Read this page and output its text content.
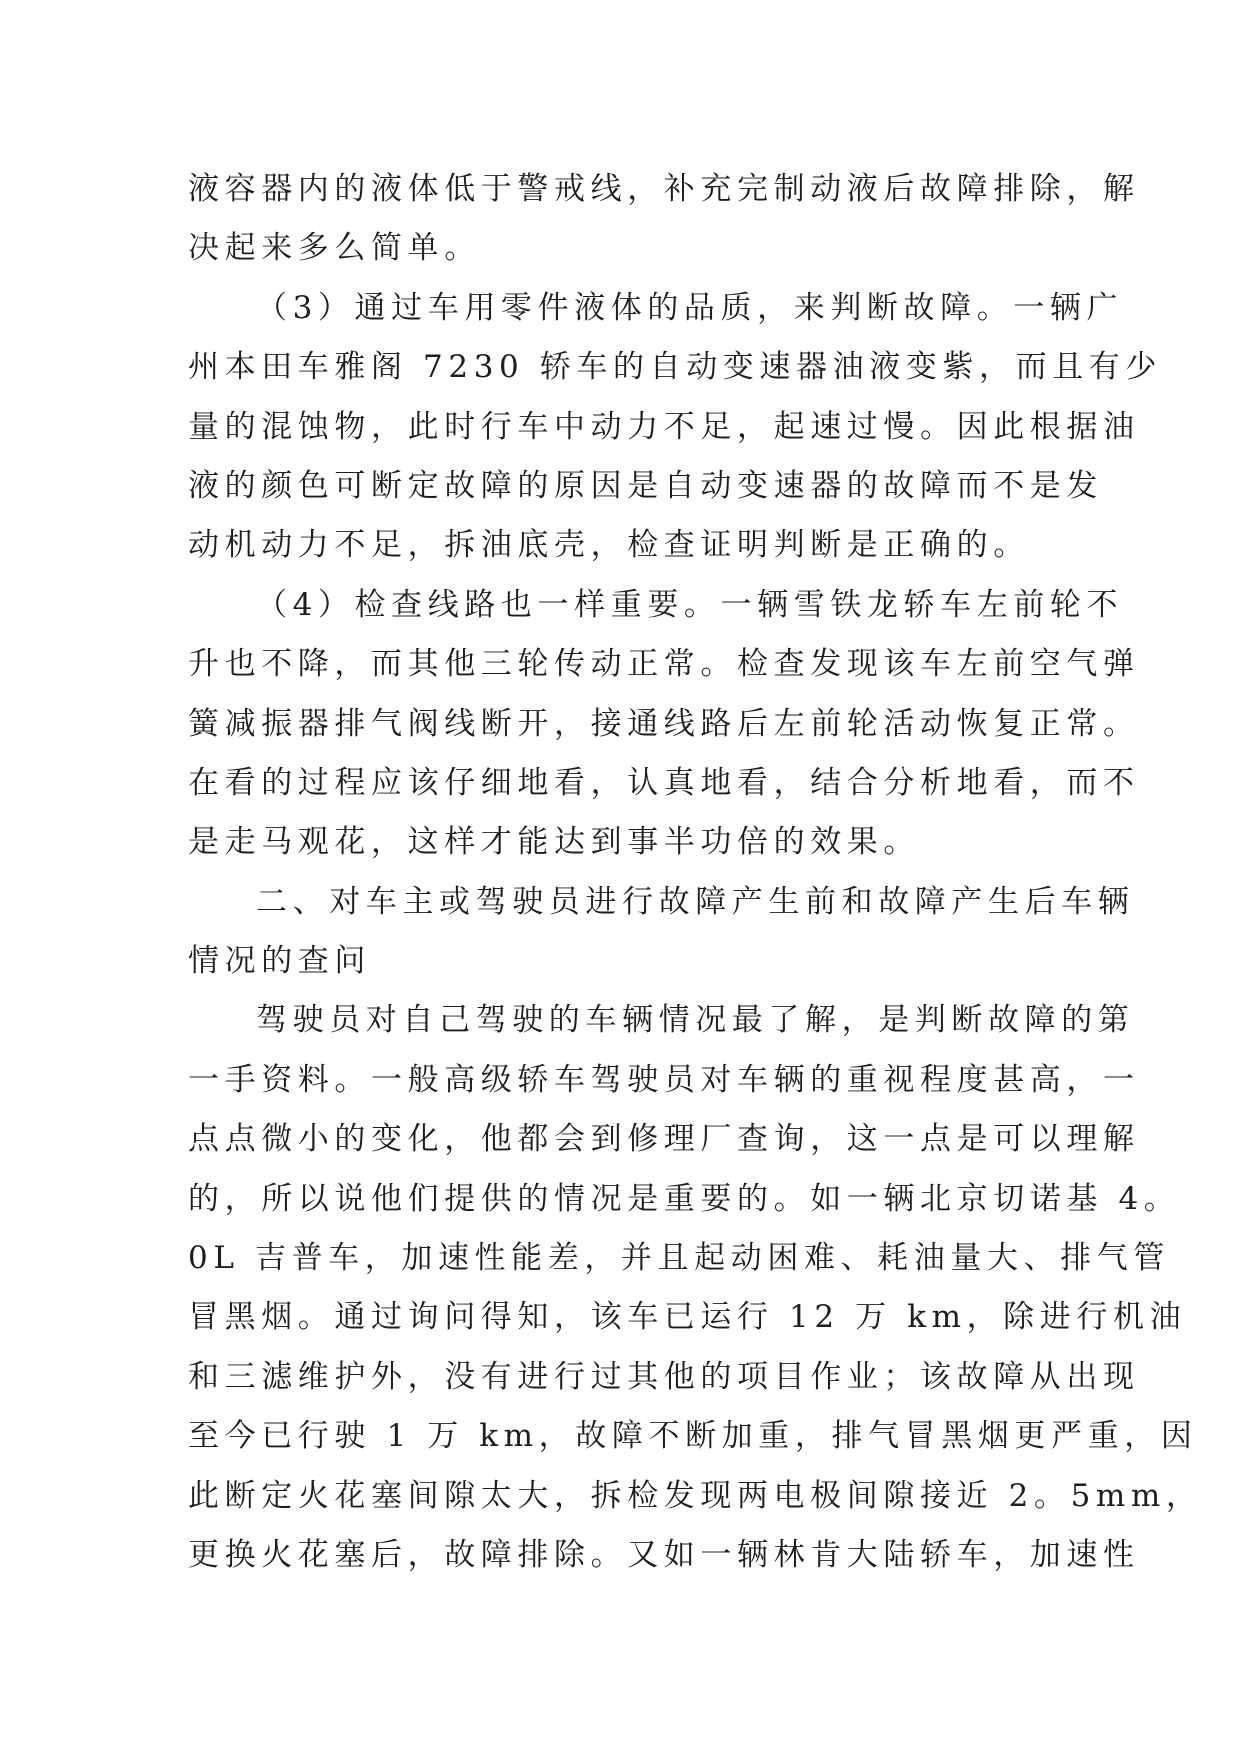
液容器内的液体低于警戒线，补充完制动液后故障排除，解
决起来多么简单。
（3）通过车用零件液体的品质，来判断故障。一辆广
州本田车雅阁 7230 轿车的自动变速器油液变紫，而且有少
量的混蚀物，此时行车中动力不足，起速过慢。因此根据油
液的颜色可断定故障的原因是自动变速器的故障而不是发
动机动力不足，拆油底壳，检查证明判断是正确的。
（4）检查线路也一样重要。一辆雪铁龙轿车左前轮不
升也不降，而其他三轮传动正常。检查发现该车左前空气弹
簧减振器排气阀线断开，接通线路后左前轮活动恢复正常。
在看的过程应该仔细地看，认真地看，结合分析地看，而不
是走马观花，这样才能达到事半功倍的效果。
二、对车主或驾驶员进行故障产生前和故障产生后车辆
情况的查问
驾驶员对自己驾驶的车辆情况最了解，是判断故障的第
一手资料。一般高级轿车驾驶员对车辆的重视程度甚高，一
点点微小的变化，他都会到修理厂查询，这一点是可以理解
的，所以说他们提供的情况是重要的。如一辆北京切诺基 4。
0L 吉普车，加速性能差，并且起动困难、耗油量大、排气管
冒黑烟。通过询问得知，该车已运行 12 万 km，除进行机油
和三滤维护外，没有进行过其他的项目作业；该故障从出现
至今已行驶 1 万 km，故障不断加重，排气冒黑烟更严重，因
此断定火花塞间隙太大，拆检发现两电极间隙接近 2。5mm，
更换火花塞后，故障排除。又如一辆林肯大陆轿车，加速性
